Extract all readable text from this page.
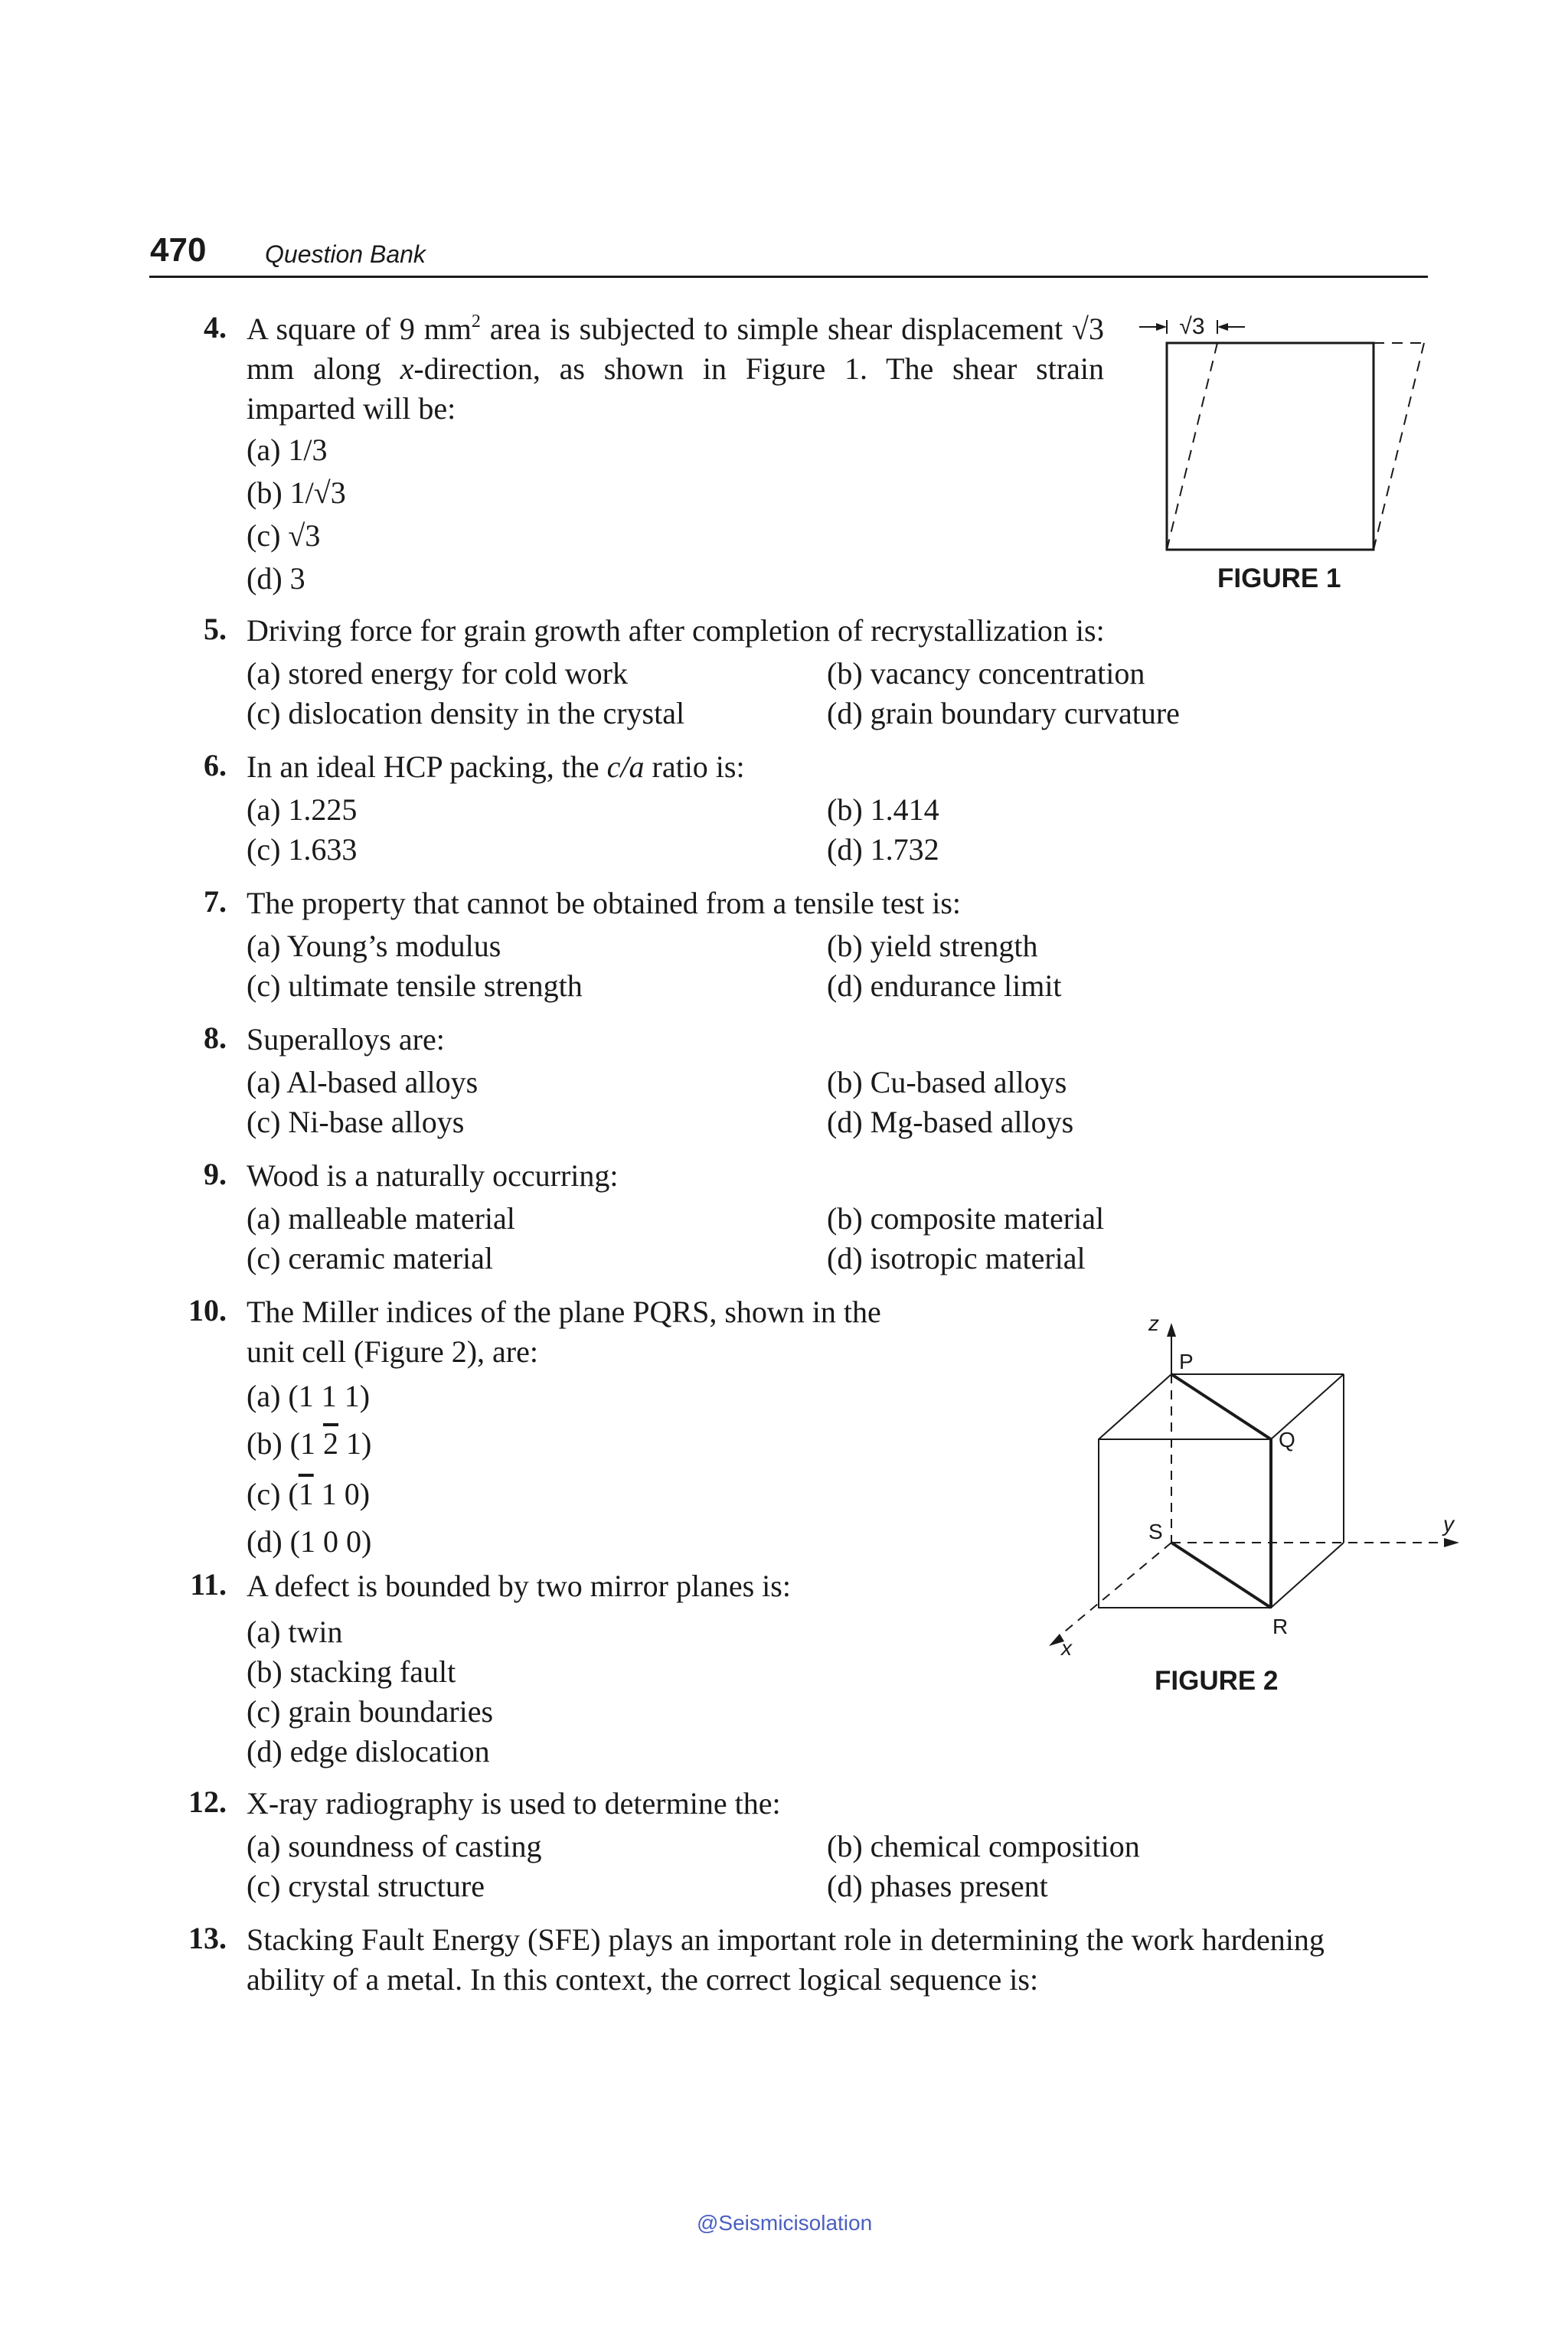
470 Question Bank
4. A square of 9 $mm^2$ area is subjected to simple shear displacement √3 mm along x-direction, as shown in Figure 1. The shear strain imparted will be:
(a) 1/3
(b) 1/√3
(c) √3
(d) 3
√3
FIGURE 1
5. Driving force for grain growth after completion of recrystallization is:
(a) stored energy for cold work	(b) vacancy concentration
(c) dislocation density in the crystal	(d) grain boundary curvature
6. In an ideal HCP packing, the c/a ratio is:
(a) 1.225	(b) 1.414
(c) 1.633	(d) 1.732
7. The property that cannot be obtained from a tensile test is:
(a) Young’s modulus	(b) yield strength
(c) ultimate tensile strength	(d) endurance limit
8. Superalloys are:
(a) Al-based alloys	(b) Cu-based alloys
(c) Ni-base alloys	(d) Mg-based alloys
9. Wood is a naturally occurring:
(a) malleable material	(b) composite material
(c) ceramic material	(d) isotropic material
10. The Miller indices of the plane PQRS, shown in the
unit cell (Figure 2), are:
(a) (1 1 1)
(b) (1 2 1)
(c) (1 1 0)
(d) (1 0 0)
z
P
Q
S	y
R
x
FIGURE 2
11. A defect is bounded by two mirror planes is:
(a) twin
(b) stacking fault
(c) grain boundaries
(d) edge dislocation
12. X-ray radiography is used to determine the:
(a) soundness of casting	(b) chemical composition
(c) crystal structure	(d) phases present
13. Stacking Fault Energy (SFE) plays an important role in determining the work hardening
ability of a metal. In this context, the correct logical sequence is:
@Seismicisolation
